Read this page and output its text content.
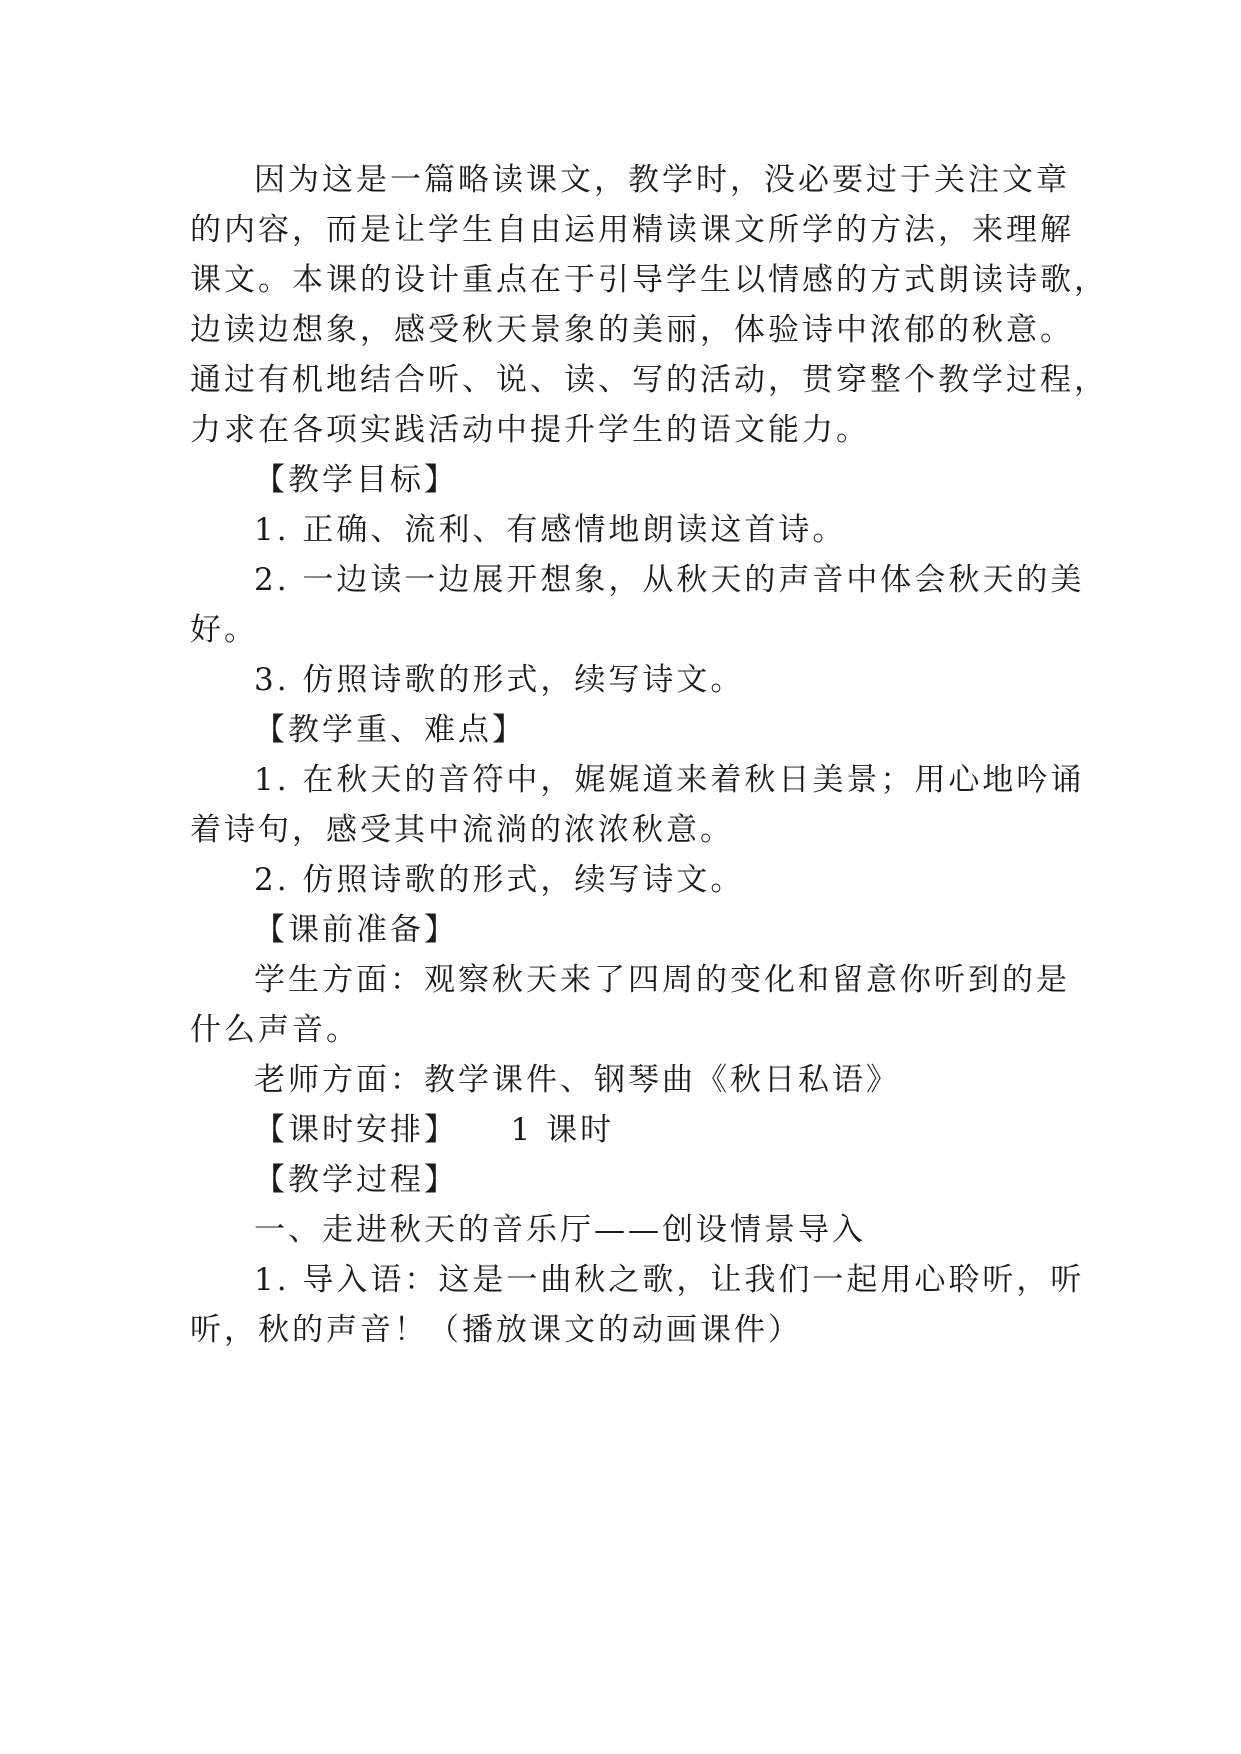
因为这是一篇略读课文，教学时，没必要过于关注文章
的内容，而是让学生自由运用精读课文所学的方法，来理解
课文。本课的设计重点在于引导学生以情感的方式朗读诗歌，
边读边想象，感受秋天景象的美丽，体验诗中浓郁的秋意。
通过有机地结合听、说、读、写的活动，贯穿整个教学过程，
力求在各项实践活动中提升学生的语文能力。
【教学目标】
1. 正确、流利、有感情地朗读这首诗。
2. 一边读一边展开想象，从秋天的声音中体会秋天的美
好。
3. 仿照诗歌的形式，续写诗文。
【教学重、难点】
1. 在秋天的音符中，娓娓道来着秋日美景；用心地吟诵
着诗句，感受其中流淌的浓浓秋意。
2. 仿照诗歌的形式，续写诗文。
【课前准备】
学生方面：观察秋天来了四周的变化和留意你听到的是
什么声音。
老师方面：教学课件、钢琴曲《秋日私语》
【课时安排】　　1 课时
【教学过程】
一、走进秋天的音乐厅——创设情景导入
1. 导入语：这是一曲秋之歌，让我们一起用心聆听，听
听，秋的声音！（播放课文的动画课件）
